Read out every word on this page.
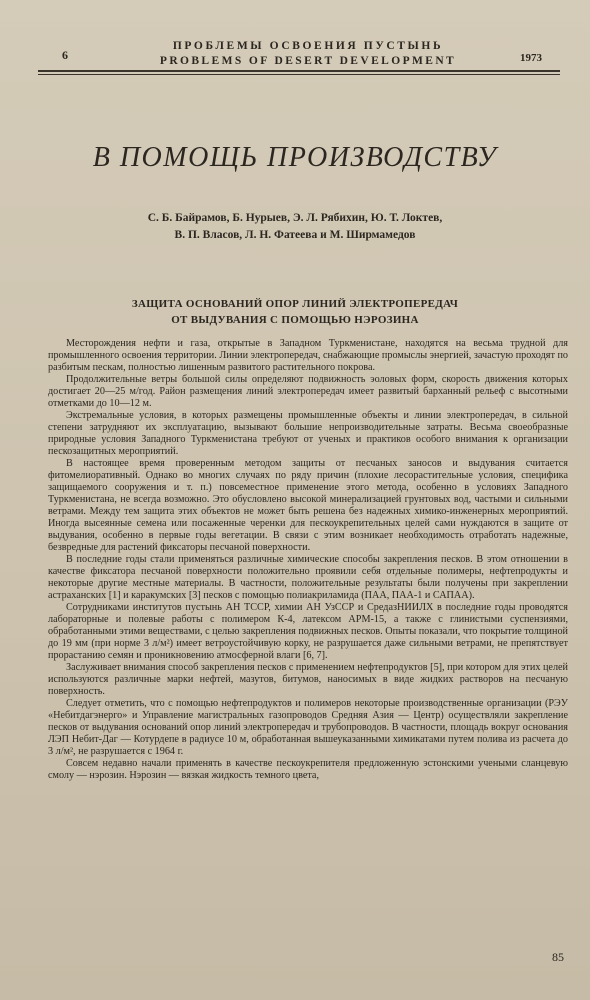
6
ПРОБЛЕМЫ ОСВОЕНИЯ ПУСТЫНЬ
PROBLEMS OF DESERT DEVELOPMENT	1973
В ПОМОЩЬ ПРОИЗВОДСТВУ
С. Б. Байрамов, Б. Нурыев, Э. Л. Рябихин, Ю. Т. Локтев,
В. П. Власов, Л. Н. Фатеева и М. Ширмамедов
ЗАЩИТА ОСНОВАНИЙ ОПОР ЛИНИЙ ЭЛЕКТРОПЕРЕДАЧ
ОТ ВЫДУВАНИЯ С ПОМОЩЬЮ НЭРОЗИНА

Месторождения нефти и газа, открытые в Западном Туркменистане, находятся на весьма трудной для промышленного освоения территории. Линии электропередач, снабжающие промыслы энергией, зачастую проходят по разбитым пескам, полностью лишенным развитого растительного покрова.

Продолжительные ветры большой силы определяют подвижность эоловых форм, скорость движения которых достигает 20—25 м/год. Район размещения линий электропередач имеет развитый барханный рельеф с высотными отметками до 10—12 м.

Экстремальные условия, в которых размещены промышленные объекты и линии электропередач, в сильной степени затрудняют их эксплуатацию, вызывают большие непроизводительные затраты. Весьма своеобразные природные условия Западного Туркменистана требуют от ученых и практиков особого внимания к организации пескозащитных мероприятий.

В настоящее время проверенным методом защиты от песчаных заносов и выдувания считается фитомелиоративный. Однако во многих случаях по ряду причин (плохие лесорастительные условия, специфика защищаемого сооружения и т. п.) повсеместное применение этого метода, особенно в условиях Западного Туркменистана, не всегда возможно. Это обусловлено высокой минерализацией грунтовых вод, частыми и сильными ветрами. Между тем защита этих объектов не может быть решена без надежных химико-инженерных мероприятий. Иногда высеянные семена или посаженные черенки для пескоукрепительных целей сами нуждаются в защите от выдувания, особенно в первые годы вегетации. В связи с этим возникает необходимость отработать надежные, безвредные для растений фиксаторы песчаной поверхности.

В последние годы стали применяться различные химические способы закрепления песков. В этом отношении в качестве фиксатора песчаной поверхности положительно проявили себя отдельные полимеры, нефтепродукты и некоторые другие местные материалы. В частности, положительные результаты были получены при закреплении астраханских [1] и каракумских [3] песков с помощью полиакриламида (ПАА, ПАА-1 и САПАА).

Сотрудниками институтов пустынь АН ТССР, химии АН УзССР и СредазНИИЛХ в последние годы проводятся лабораторные и полевые работы с полимером К-4, латексом АРМ-15, а также с глинистыми суспензиями, обработанными этими веществами, с целью закрепления подвижных песков. Опыты показали, что покрытие толщиной до 19 мм (при норме 3 л/м²) имеет ветроустойчивую корку, не разрушается даже сильными ветрами, не препятствует прорастанию семян и проникновению атмосферной влаги [6, 7].

Заслуживает внимания способ закрепления песков с применением нефтепродуктов [5], при котором для этих целей используются различные марки нефтей, мазутов, битумов, наносимых в виде жидких растворов на песчаную поверхность.

Следует отметить, что с помощью нефтепродуктов и полимеров некоторые производственные организации (РЭУ «Небитдагэнерго» и Управление магистральных газопроводов Средняя Азия — Центр) осуществляли закрепление песков от выдувания оснований опор линий электропередач и трубопроводов. В частности, площадь вокруг основания ЛЭП Небит-Даг — Котурдепе в радиусе 10 м, обработанная вышеуказанными химикатами путем полива из расчета до 3 л/м², не разрушается с 1964 г.

Совсем недавно начали применять в качестве пескоукрепителя предложенную эстонскими учеными сланцевую смолу — нэрозин. Нэрозин — вязкая жидкость темного цвета,

85
